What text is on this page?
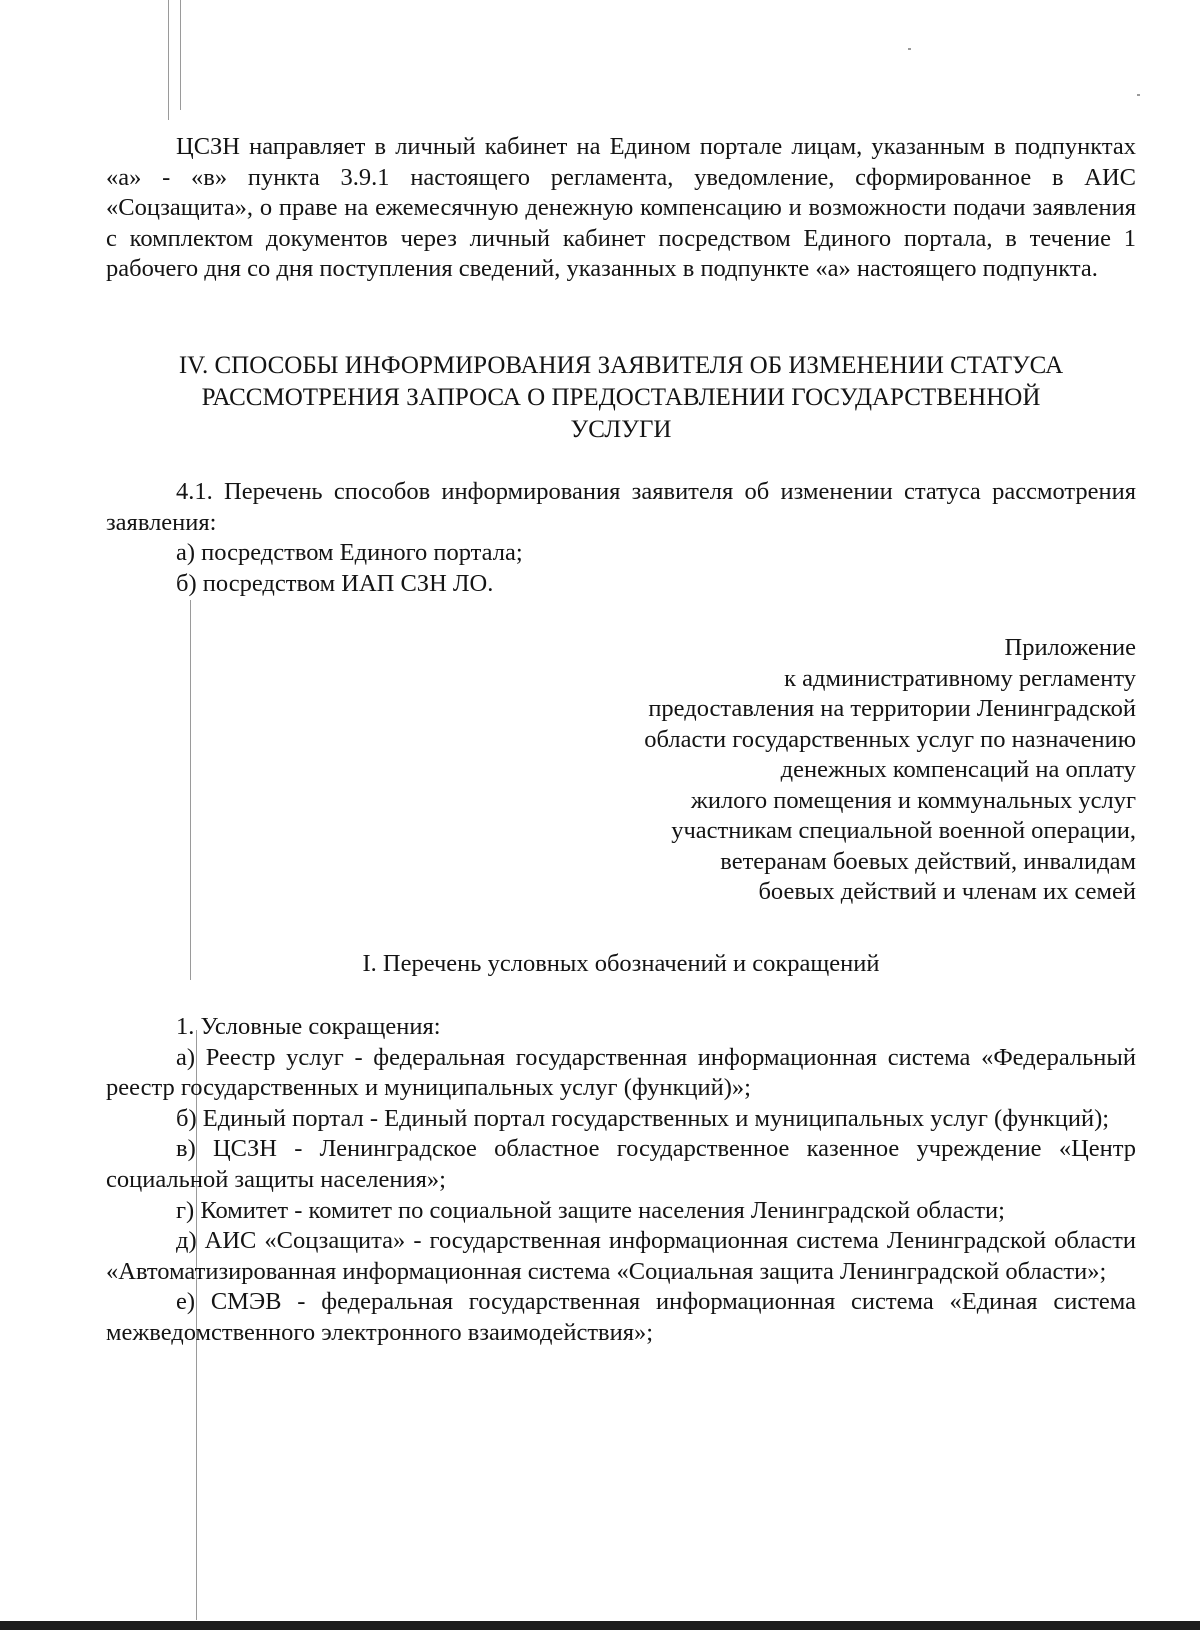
ЦСЗН направляет в личный кабинет на Едином портале лицам, указанным в подпунктах «а» - «в» пункта 3.9.1 настоящего регламента, уведомление, сформированное в АИС «Соцзащита», о праве на ежемесячную денежную компенсацию и возможности подачи заявления с комплектом документов через личный кабинет посредством Единого портала, в течение 1 рабочего дня со дня поступления сведений, указанных в подпункте «а» настоящего подпункта.

IV. СПОСОБЫ ИНФОРМИРОВАНИЯ ЗАЯВИТЕЛЯ ОБ ИЗМЕНЕНИИ СТАТУСА
РАССМОТРЕНИЯ ЗАПРОСА О ПРЕДОСТАВЛЕНИИ ГОСУДАРСТВЕННОЙ
УСЛУГИ

4.1. Перечень способов информирования заявителя об изменении статуса рассмотрения заявления:

а) посредством Единого портала;

б) посредством ИАП СЗН ЛО.

Приложение
к административному регламенту
предоставления на территории Ленинградской
области государственных услуг по назначению
денежных компенсаций на оплату
жилого помещения и коммунальных услуг
участникам специальной военной операции,
ветеранам боевых действий, инвалидам
боевых действий и членам их семей
I. Перечень условных обозначений и сокращений

1. Условные сокращения:

а) Реестр услуг - федеральная государственная информационная система «Федеральный реестр государственных и муниципальных услуг (функций)»;

б) Единый портал - Единый портал государственных и муниципальных услуг (функций);

в) ЦСЗН - Ленинградское областное государственное казенное учреждение «Центр социальной защиты населения»;

г) Комитет - комитет по социальной защите населения Ленинградской области;

д) АИС «Соцзащита» - государственная информационная система Ленинградской области «Автоматизированная информационная система «Социальная защита Ленинградской области»;

е) СМЭВ - федеральная государственная информационная система «Единая система межведомственного электронного взаимодействия»;
